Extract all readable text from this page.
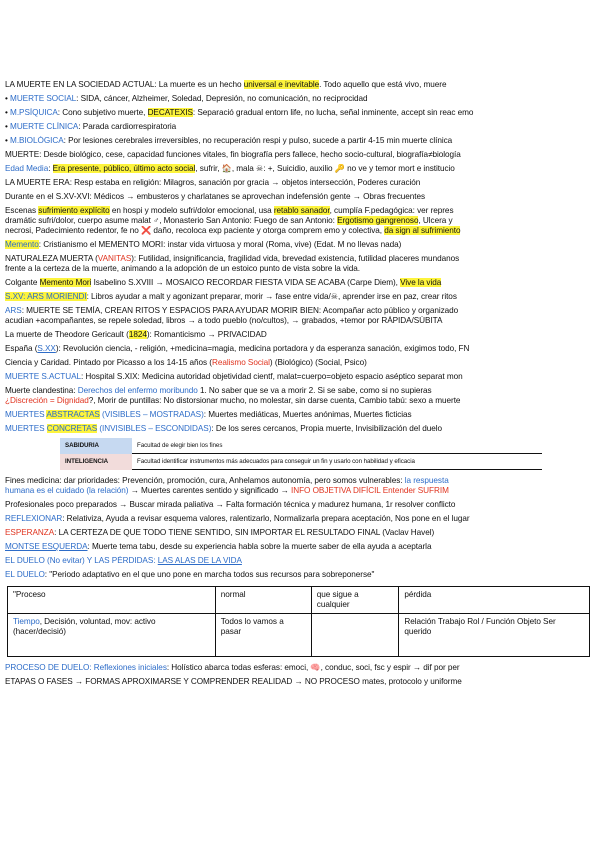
LA MUERTE EN LA SOCIEDAD ACTUAL: La muerte es un hecho universal e inevitable. Todo aquello que está vivo, muere
• MUERTE SOCIAL: SIDA, cáncer, Alzheimer, Soledad, Depresión, no comunicación, no reciprocidad
• M.PSÍQUICA: Cono subjetivo muerte, DECATEXIS: Separació gradual entorn life, no lucha, señal inminente, accept sin reac emo
• MUERTE CLÍNICA: Parada cardiorrespiratoria
• M.BIOLÓGICA: Por lesiones cerebrales irreversibles, no recuperación respi y pulso, sucede a partir 4-15 min muerte clínica
MUERTE: Desde biológico, cese, capacidad funciones vitales, fin biografía pers fallece, hecho socio-cultural, biografía≠biología
Edad Media: Era presente, público, último acto social, sufrir, 🏠, mala ☠: +, Suicidio, auxilio 🔑 no ve y temor mort e institucio
LA MUERTE ERA: Resp estaba en religión: Milagros, sanación por gracia → objetos intersección, Poderes curación
Durante en el S.XV-XVI: Médicos → embusteros y charlatanes se aprovechan indefensión gente → Obras frecuentes
Escenas sufrimiento explícito en hospi y modelo sufri/dolor emocional, usa retablo sanador, cumplía F.pedagógica: ver repres
dramátic sufri/dolor, cuerpo asume malat ♂, Monasterio San Antonio: Fuego de san Antonio: Ergotismo gangrenoso, Ulcera y
necrosi, Padecimiento redentor, fe no ❌ daño, recoloca exp paciente y otorga comprem emo y colectiva, da sign al sufrimiento
Memento: Cristianismo el MEMENTO MORI: instar vida virtuosa y moral (Roma, vive) (Edat. M no llevas nada)
NATURALEZA MUERTA (VANITAS): Futilidad, insignificancia, fragilidad vida, brevedad existencia, futilidad placeres mundanos
frente a la certeza de la muerte, animando a la adopción de un estoico punto de vista sobre la vida.
Colgante Memento Mori Isabelino S.XVIII → MOSAICO RECORDAR FIESTA VIDA SE ACABA (Carpe Diem), Vive la vida
S.XV: ARS MORIENDI: Libros ayudar a malt y agonizant preparar, morir → fase entre vida/☠, aprender irse en paz, crear ritos
ARS: MUERTE SE TEMÍA, CREAN RITOS Y ESPACIOS PARA AYUDAR MORIR BIEN: Acompañar acto público y organizado
acudian +acompañantes, se repele soledad, libros → a todo pueblo (no/cultos), → grabados, +temor por RÁPIDA/SÚBITA
La muerte de Theodore Gericault (1824): Romanticismo → PRIVACIDAD
España (S.XX): Revolución ciencia, - religión, +medicina=magia, medicina portadora y da esperanza sanación, exigimos todo, FN
Ciencia y Caridad. Pintado por Picasso a los 14-15 años (Realismo Social) (Biológico) (Social, Psico)
MUERTE S.ACTUAL: Hospital S.XIX: Medicina autoridad objetividad cientf, malat=cuerpo=objeto espacio aséptico separat mon
Muerte clandestina: Derechos del enfermo moribundo 1. No saber que se va a morir 2. Si se sabe, como si no supieras
¿Discreción = Dignidad?, Morir de puntillas: No distorsionar mucho, no molestar, sin darse cuenta, Cambio tabú: sexo a muerte
MUERTES ABSTRACTAS (VISIBLES – MOSTRADAS): Muertes mediáticas, Muertes anónimas, Muertes ficticias
MUERTES CONCRETAS (INVISIBLES – ESCONDIDAS): De los seres cercanos, Propia muerte, Invisibilización del duelo
SABIDURIA	Facultad de elegir bien los fines
INTELIGENCIA	Facultad identificar instrumentos más adecuados para conseguir un fin y usarlo con habilidad y eficacia
Fines medicina: dar prioridades: Prevención, promoción, cura, Anhelamos autonomía, pero somos vulnerables: la respuesta
humana es el cuidado (la relación) → Muertes carentes sentido y significado → INFO OBJETIVA DIFÍCIL Entender SUFRIM
Profesionales poco preparados → Buscar mirada paliativa → Falta formación técnica y madurez humana, 1r resolver conflicto
REFLEXIONAR: Relativiza, Ayuda a revisar esquema valores, ralentizarlo, Normalizarla prepara aceptación, Nos pone en el lugar
ESPERANZA: LA CERTEZA DE QUE TODO TIENE SENTIDO, SIN IMPORTAR EL RESULTADO FINAL (Vaclav Havel)
MONTSE ESQUERDA: Muerte tema tabu, desde su experiencia habla sobre la muerte saber de ella ayuda a aceptarla
EL DUELO (No evitar) Y LAS PÉRDIDAS: LAS ALAS DE LA VIDA
EL DUELO: "Periodo adaptativo en el que uno pone en marcha todos sus recursos para sobreponerse"
"Proceso	normal	que sigue a cualquier	pérdida
Tiempo, Decisión, voluntad, mov: activo (hacer/decisió)	Todos lo vamos a pasar		Relación Trabajo Rol / Función Objeto Ser querido
PROCESO DE DUELO: Reflexiones iniciales: Holístico abarca todas esferas: emoci, 🧠, conduc, soci, fsc y espir → dif por per
ETAPAS O FASES → FORMAS APROXIMARSE Y COMPRENDER REALIDAD → NO PROCESO mates, protocolo y uniforme
